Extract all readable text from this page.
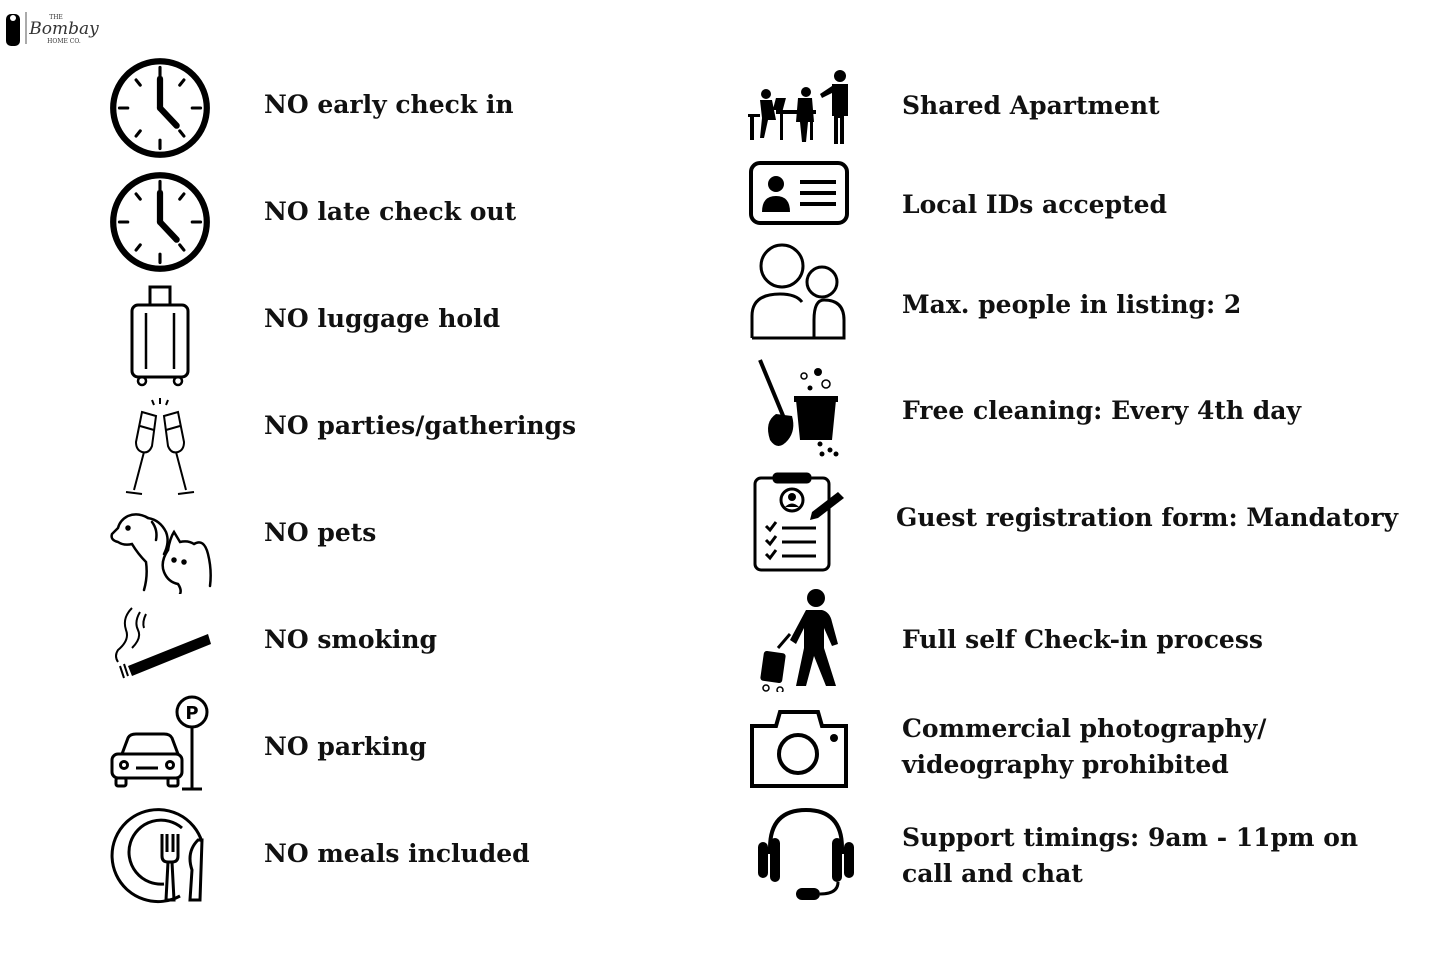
THE
Bombay
HOME CO.
NO early check in
NO late check out
NO luggage hold
NO parties/gatherings
NO pets
NO smoking
P
NO parking
NO meals included
Shared Apartment
Local IDs accepted
Max. people in listing: 2
Free cleaning: Every 4th day
Guest registration form: Mandatory
Full self Check-in process
Commercial photography/
videography prohibited
Support timings: 9am - 11pm on
call and chat
